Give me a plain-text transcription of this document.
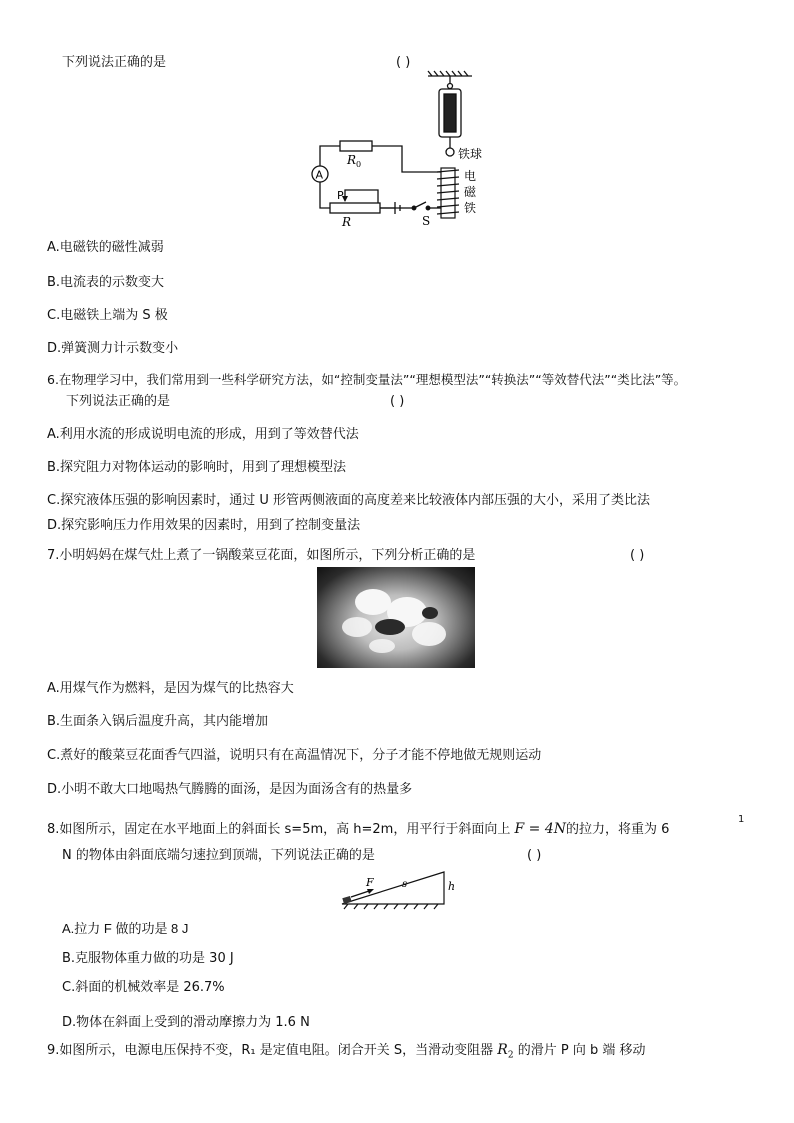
下列说法正确的是	( )
铁球
电
磁
铁
R 0
A
P
R	S
A.电磁铁的磁性减弱
B.电流表的示数变大
C.电磁铁上端为 S 极
D.弹簧测力计示数变小
6.在物理学习中，我们常用到一些科学研究方法，如“控制变量法”“理想模型法”“转换法”“等效替代法”“类比法”等。
下列说法正确的是	( )
A.利用水流的形成说明电流的形成，用到了等效替代法
B.探究阻力对物体运动的影响时，用到了理想模型法
C.探究液体压强的影响因素时，通过 U 形管两侧液面的高度差来比较液体内部压强的大小，采用了类比法
D.探究影响压力作用效果的因素时，用到了控制变量法
7.小明妈妈在煤气灶上煮了一锅酸菜豆花面，如图所示，下列分析正确的是	( )
A.用煤气作为燃料，是因为煤气的比热容大
B.生面条入锅后温度升高，其内能增加
C.煮好的酸菜豆花面香气四溢，说明只有在高温情况下，分子才能不停地做无规则运动
D.小明不敢大口地喝热气腾腾的面汤，是因为面汤含有的热量多
1
8.如图所示，固定在水平地面上的斜面长 s=5m，高 h=2m，用平行于斜面向上 F = 4N的拉力，将重为 6
N 的物体由斜面底端匀速拉到顶端，下列说法正确的是	( )
F	s	h
A.拉力 F 做的功是 8 J
B.克服物体重力做的功是 30 J
C.斜面的机械效率是 26.7%
D.物体在斜面上受到的滑动摩擦力为 1.6 N
9.如图所示，电源电压保持不变，R₁ 是定值电阻。闭合开关 S，当滑动变阻器 $R_2$ 的滑片 P 向 b 端 移动
